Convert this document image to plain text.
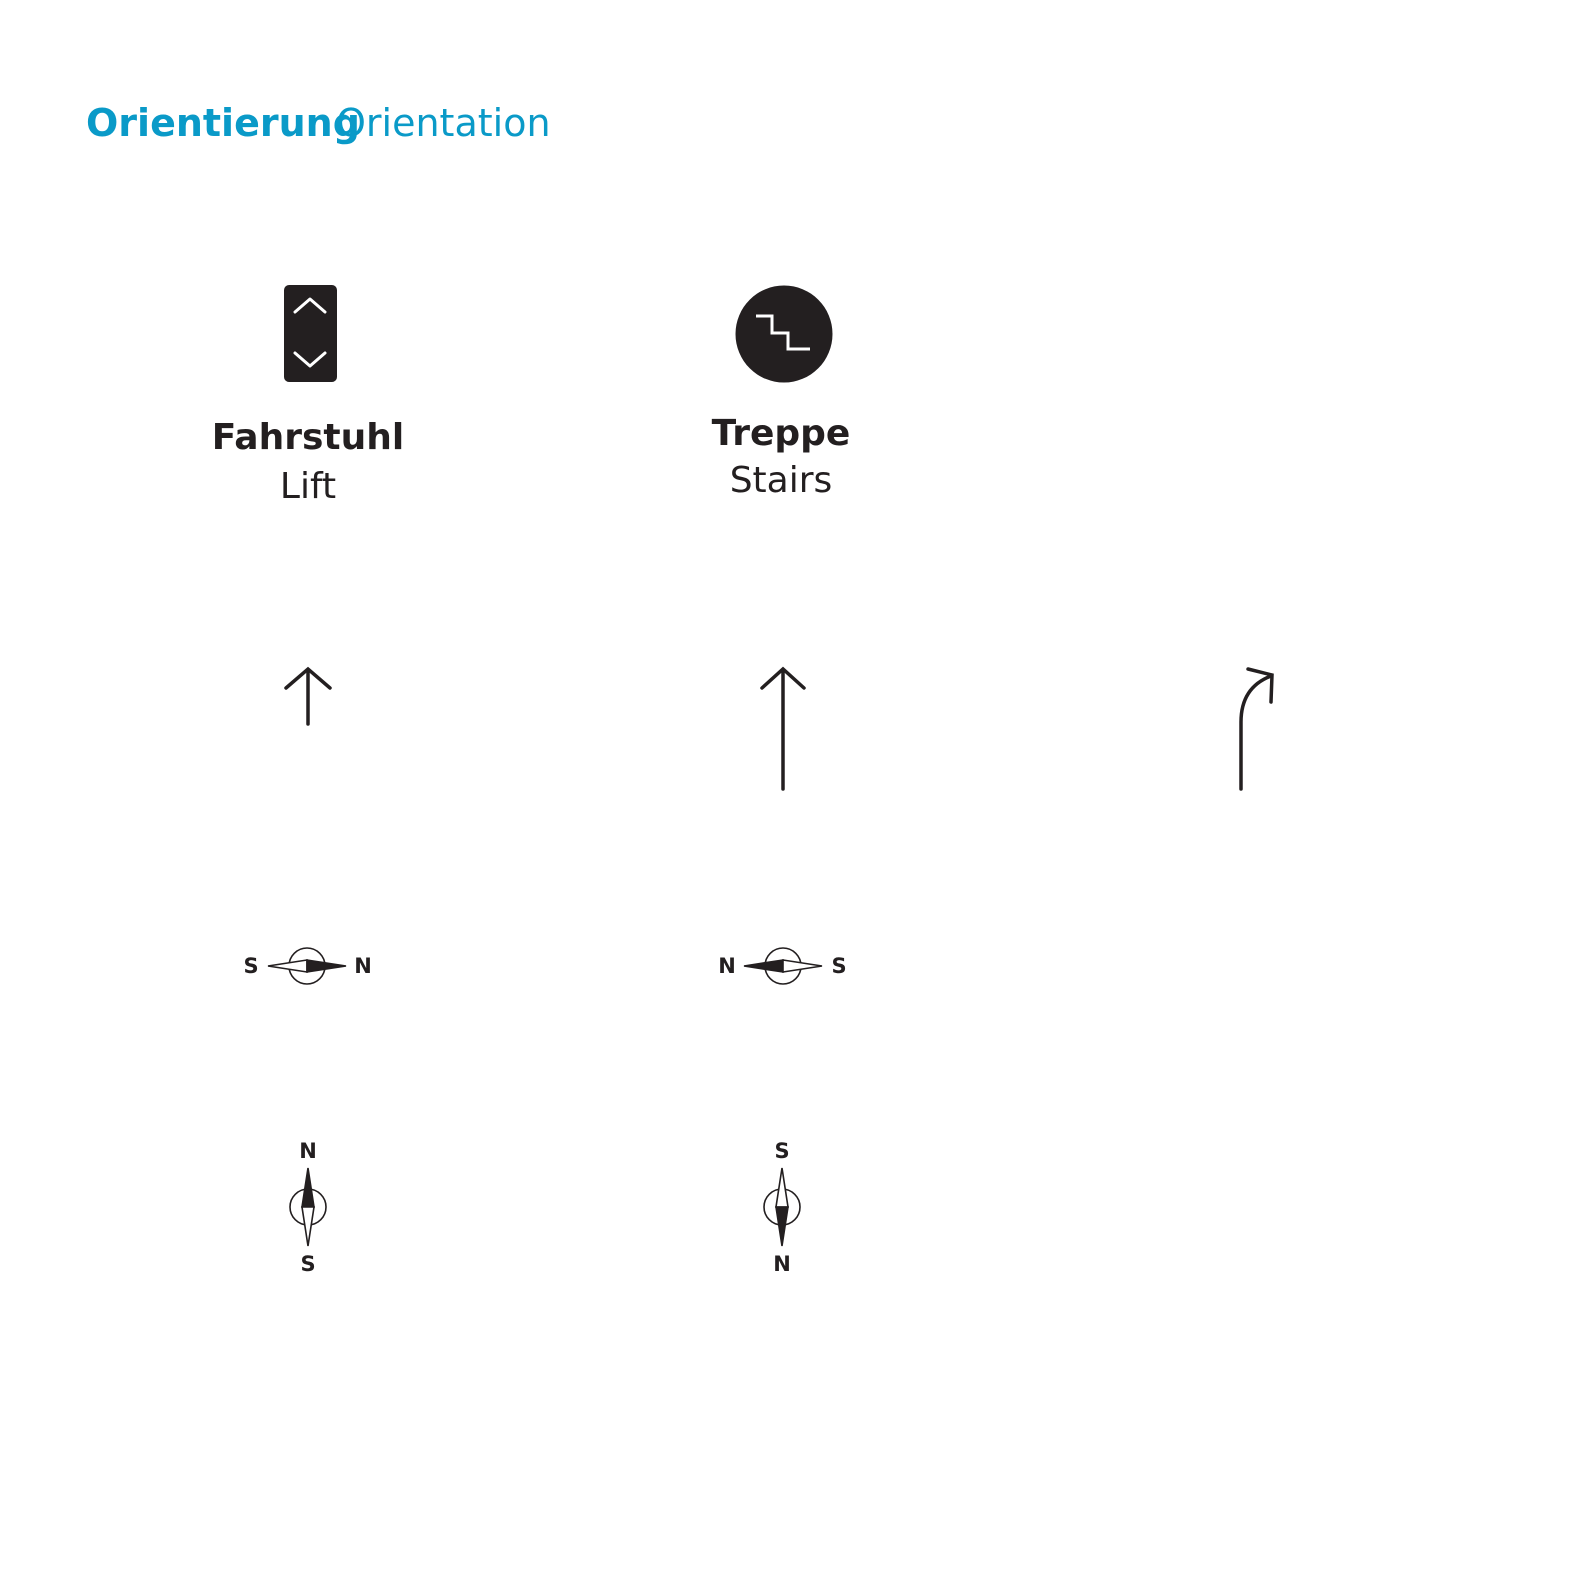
Orientierung
Orientation
Fahrstuhl
Lift
Treppe
Stairs
S	N	N	S
N
S
S
N
